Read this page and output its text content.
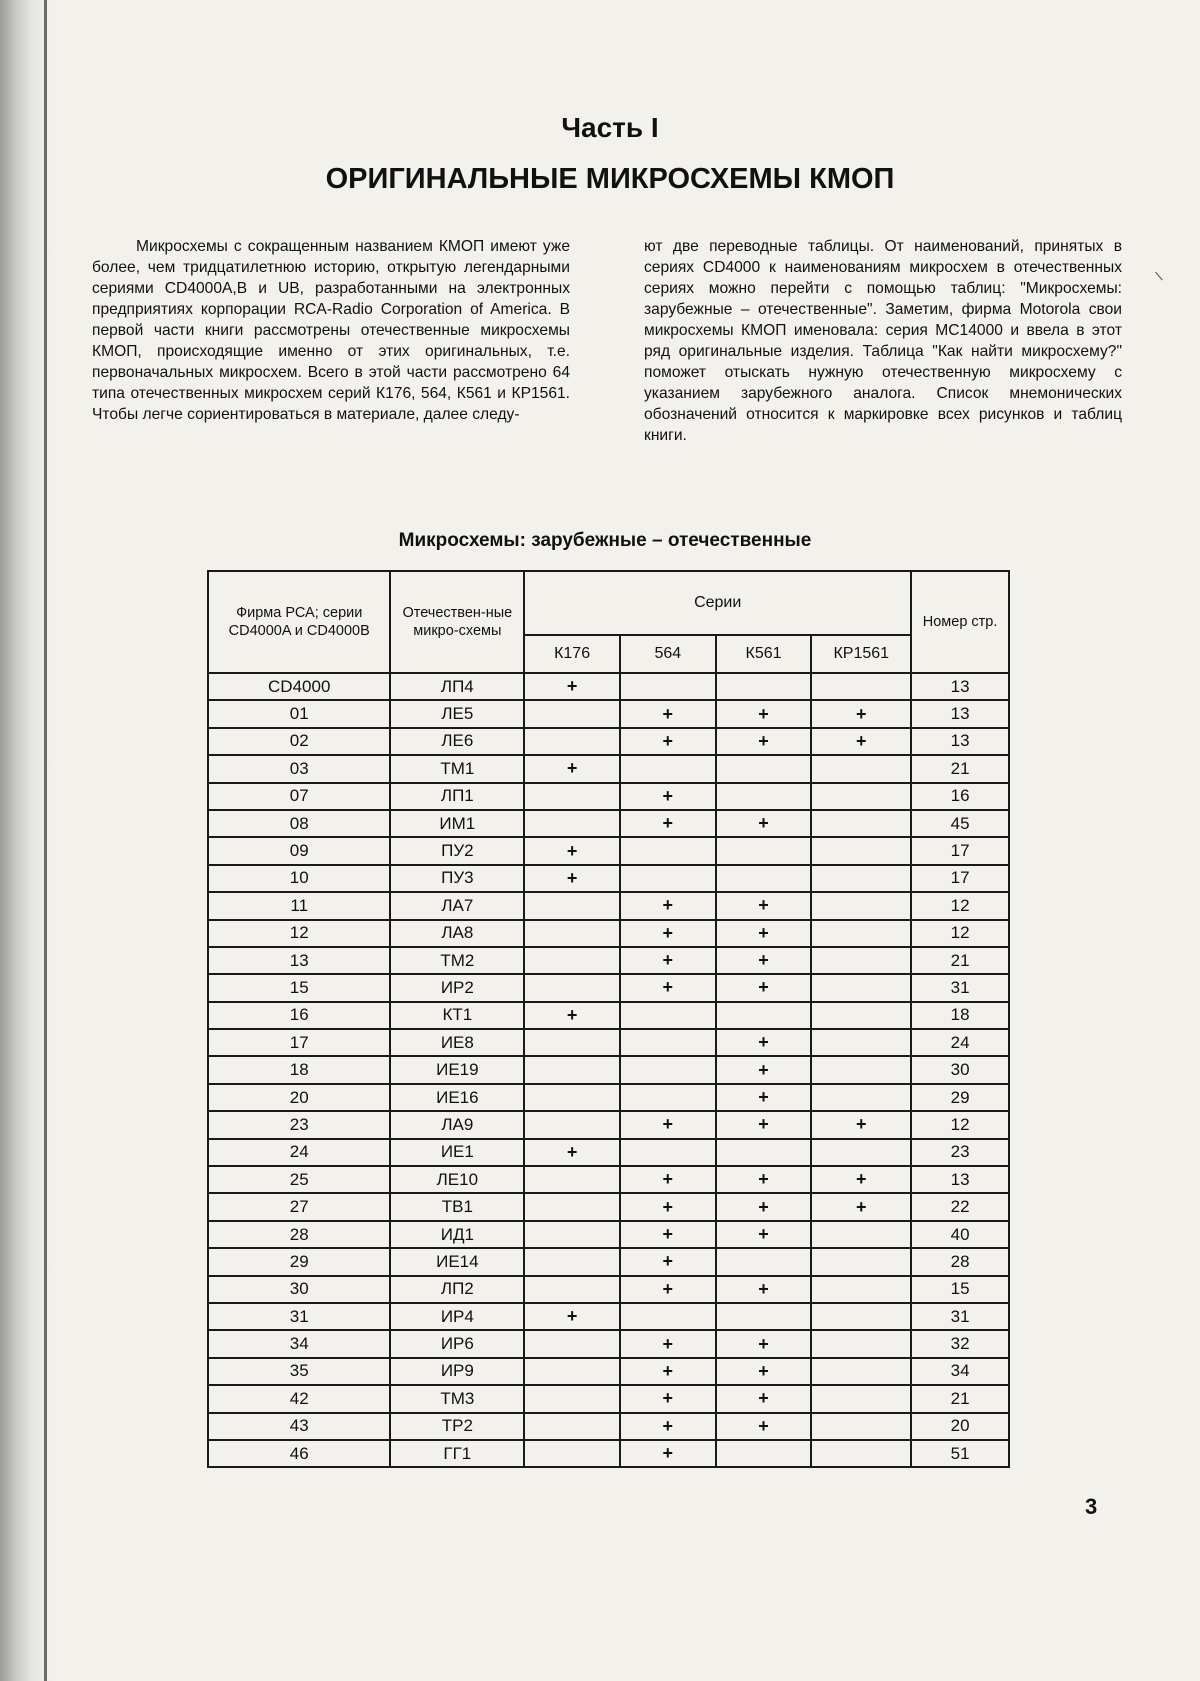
\
Часть I
ОРИГИНАЛЬНЫЕ МИКРОСХЕМЫ КМОП
Микросхемы с сокращенным названием КМОП имеют уже более, чем тридцатилетнюю историю, открытую легендарными сериями CD4000A,B и UB, разработанными на электронных предприятиях корпорации RCA-Radio Corporation of America. В первой части книги рассмотрены отечественные микросхемы КМОП, происходящие именно от этих оригинальных, т.е. первоначальных микросхем. Всего в этой части рассмотрено 64 типа отечественных микросхем серий К176, 564, К561 и КР1561. Чтобы легче сориентироваться в материале, далее следу-
ют две переводные таблицы. От наименований, принятых в сериях CD4000 к наименованиям микросхем в отечественных сериях можно перейти с помощью таблиц: "Микросхемы: зарубежные – отечественные". Заметим, фирма Motorola свои микросхемы КМОП именовала: серия МС14000 и ввела в этот ряд оригинальные изделия. Таблица "Как найти микросхему?" поможет отыскать нужную отечественную микросхему с указанием зарубежного аналога. Список мнемонических обозначений относится к маркировке всех рисунков и таблиц книги.
Микросхемы: зарубежные – отечественные
Фирма РСА; серии CD4000A и CD4000B	Отечествен-ные микро-схемы	Серии				Номер стр.
		К176	564	К561	КР1561	
CD4000	ЛП4	+				13
01	ЛЕ5		+	+	+	13
02	ЛЕ6		+	+	+	13
03	ТМ1	+				21
07	ЛП1		+			16
08	ИМ1		+	+		45
09	ПУ2	+				17
10	ПУ3	+				17
11	ЛА7		+	+		12
12	ЛА8		+	+		12
13	ТМ2		+	+		21
15	ИР2		+	+		31
16	КТ1	+				18
17	ИЕ8			+		24
18	ИЕ19			+		30
20	ИЕ16			+		29
23	ЛА9		+	+	+	12
24	ИЕ1	+				23
25	ЛЕ10		+	+	+	13
27	ТВ1		+	+	+	22
28	ИД1		+	+		40
29	ИЕ14		+			28
30	ЛП2		+	+		15
31	ИР4	+				31
34	ИР6		+	+		32
35	ИР9		+	+		34
42	ТМ3		+	+		21
43	ТР2		+	+		20
46	ГГ1		+			51
3
